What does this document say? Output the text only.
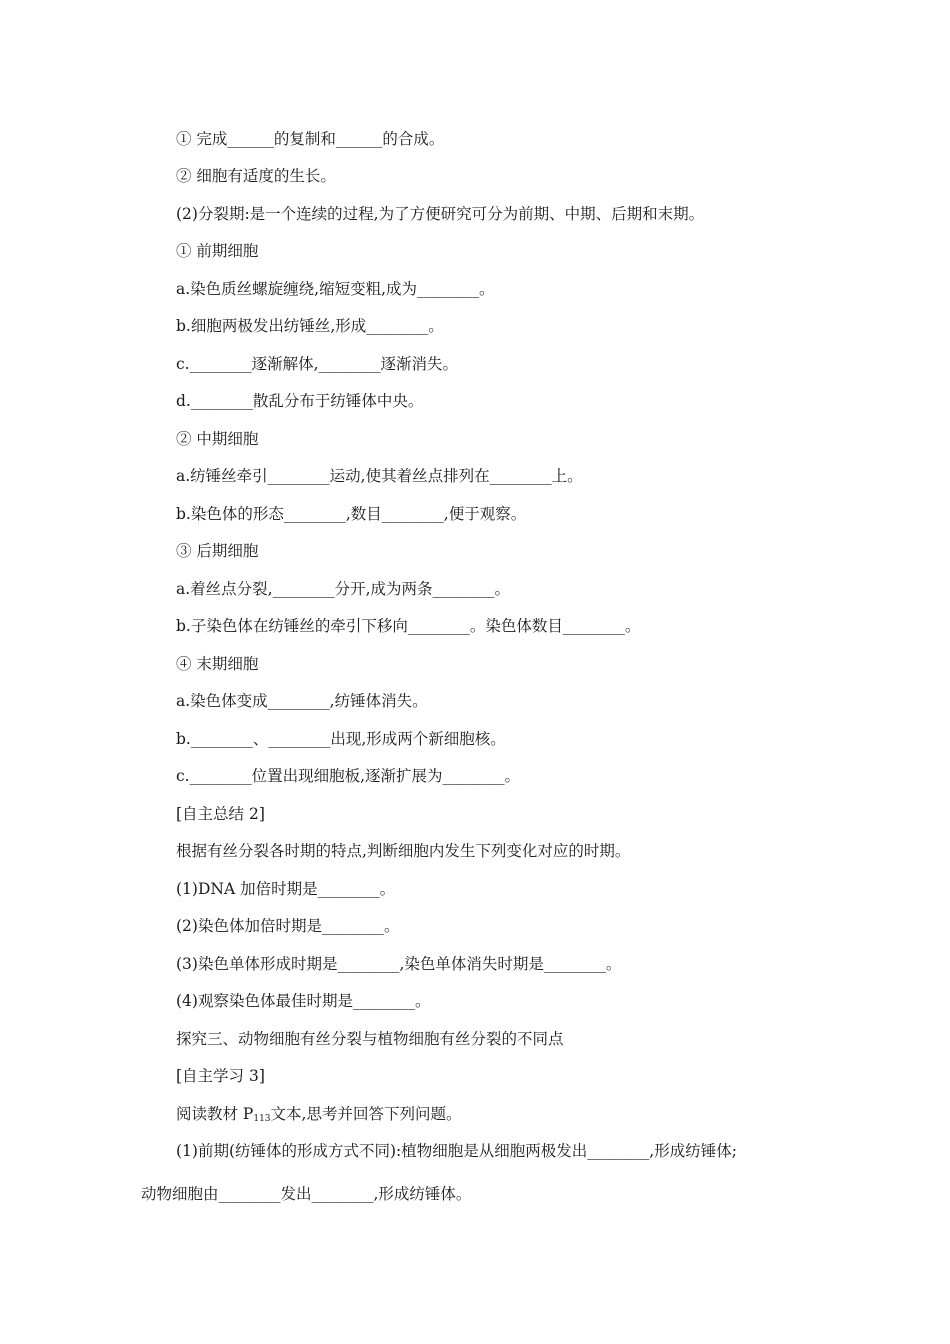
① 完成______的复制和______的合成。
② 细胞有适度的生长。
(2)分裂期:是一个连续的过程,为了方便研究可分为前期、中期、后期和末期。
① 前期细胞
a.染色质丝螺旋缠绕,缩短变粗,成为________。
b.细胞两极发出纺锤丝,形成________。
c.________逐渐解体,________逐渐消失。
d.________散乱分布于纺锤体中央。
② 中期细胞
a.纺锤丝牵引________运动,使其着丝点排列在________上。
b.染色体的形态________,数目________,便于观察。
③ 后期细胞
a.着丝点分裂,________分开,成为两条________。
b.子染色体在纺锤丝的牵引下移向________。染色体数目________。
④ 末期细胞
a.染色体变成________,纺锤体消失。
b.________、________出现,形成两个新细胞核。
c.________位置出现细胞板,逐渐扩展为________。
[自主总结 2]
根据有丝分裂各时期的特点,判断细胞内发生下列变化对应的时期。
(1)DNA 加倍时期是________。
(2)染色体加倍时期是________。
(3)染色单体形成时期是________,染色单体消失时期是________。
(4)观察染色体最佳时期是________。
探究三、动物细胞有丝分裂与植物细胞有丝分裂的不同点
[自主学习 3]
阅读教材 $P_{113}$文本,思考并回答下列问题。
(1)前期(纺锤体的形成方式不同):植物细胞是从细胞两极发出________,形成纺锤体;
动物细胞由________发出________,形成纺锤体。
